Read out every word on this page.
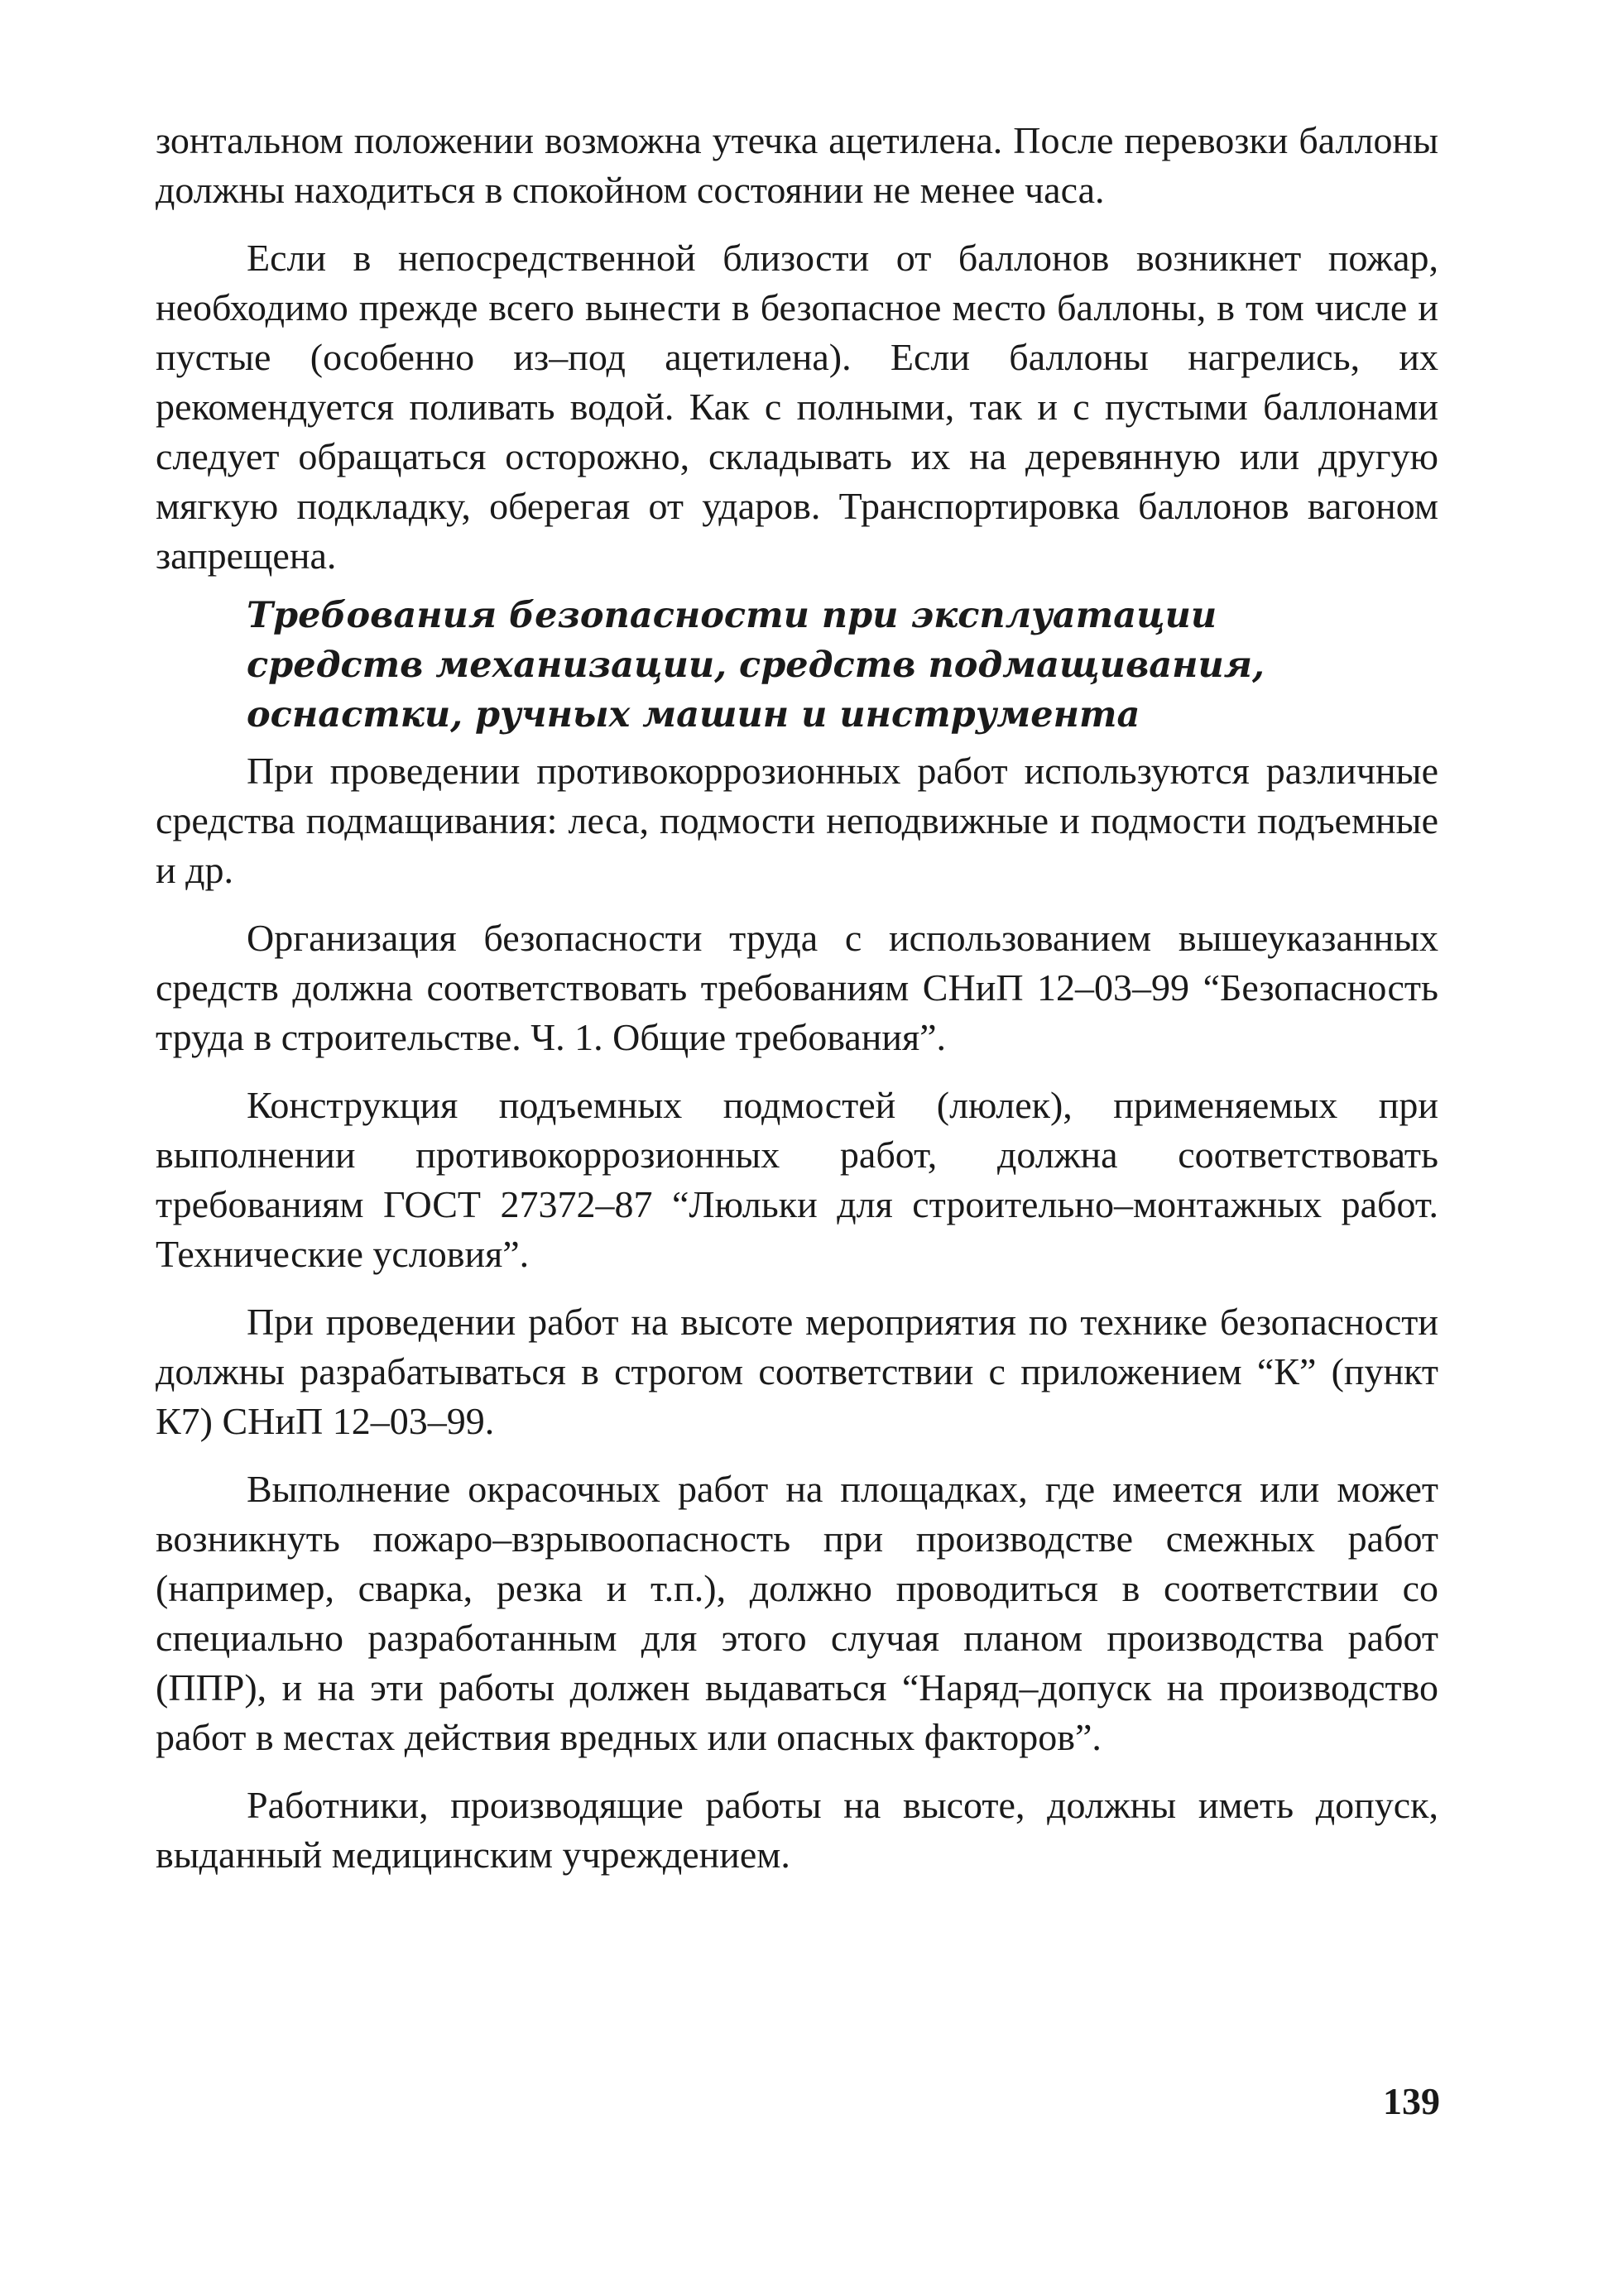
зонтальном положении возможна утечка ацетилена. После перевозки баллоны должны находиться в спокойном состоянии не менее часа.

Если в непосредственной близости от баллонов возникнет пожар, необходимо прежде всего вынести в безопасное место баллоны, в том числе и пустые (особенно из–под ацетилена). Если баллоны нагрелись, их рекомендуется поливать водой. Как с полными, так и с пустыми баллонами следует обращаться осторожно, складывать их на деревянную или другую мягкую подкладку, оберегая от ударов. Транспортировка баллонов вагоном запрещена.

Требования безопасности при эксплуатации
средств механизации, средств подмащивания,
оснастки, ручных машин и инструмента

При проведении противокоррозионных работ используются различные средства подмащивания: леса, подмости неподвижные и подмости подъемные и др.

Организация безопасности труда с использованием вышеуказанных средств должна соответствовать требованиям СНиП 12–03–99 “Безопасность труда в строительстве. Ч. 1. Общие требования”.

Конструкция подъемных подмостей (люлек), применяемых при выполнении противокоррозионных работ, должна соответствовать требованиям ГОСТ 27372–87 “Люльки для строительно–монтажных работ. Технические условия”.

При проведении работ на высоте мероприятия по технике безопасности должны разрабатываться в строгом соответствии с приложением “К” (пункт К7) СНиП 12–03–99.

Выполнение окрасочных работ на площадках, где имеется или может возникнуть пожаро–взрывоопасность при производстве смежных работ (например, сварка, резка и т.п.), должно проводиться в соответствии со специально разработанным для этого случая планом производства работ (ППР), и на эти работы должен выдаваться “Наряд–допуск на производство работ в местах действия вредных или опасных факторов”.

Работники, производящие работы на высоте, должны иметь допуск, выданный медицинским учреждением.

139
